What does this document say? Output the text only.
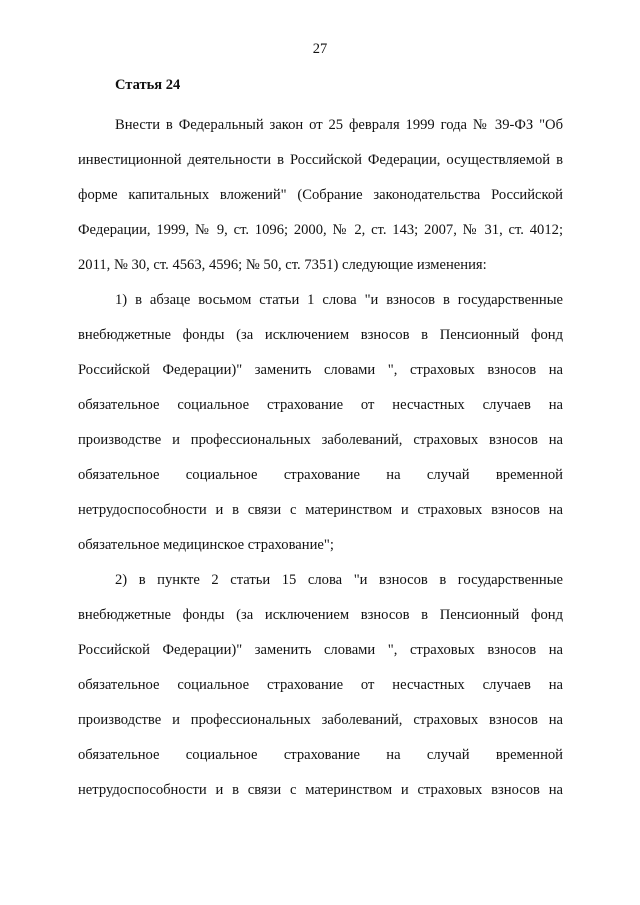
27
Статья 24
Внести в Федеральный закон от 25 февраля 1999 года № 39-ФЗ "Об
инвестиционной деятельности в Российской Федерации, осуществляемой в
форме капитальных вложений" (Собрание законодательства Российской
Федерации, 1999, № 9, ст. 1096; 2000, № 2, ст. 143; 2007, № 31, ст. 4012;
2011, № 30, ст. 4563, 4596; № 50, ст. 7351) следующие изменения:
1) в абзаце восьмом статьи 1 слова "и взносов в государственные
внебюджетные фонды (за исключением взносов в Пенсионный фонд
Российской Федерации)" заменить словами ", страховых взносов на
обязательное социальное страхование от несчастных случаев на
производстве и профессиональных заболеваний, страховых взносов на
обязательное социальное страхование на случай временной
нетрудоспособности и в связи с материнством и страховых взносов на
обязательное медицинское страхование";
2) в пункте 2 статьи 15 слова "и взносов в государственные
внебюджетные фонды (за исключением взносов в Пенсионный фонд
Российской Федерации)" заменить словами ", страховых взносов на
обязательное социальное страхование от несчастных случаев на
производстве и профессиональных заболеваний, страховых взносов на
обязательное социальное страхование на случай временной
нетрудоспособности и в связи с материнством и страховых взносов на
